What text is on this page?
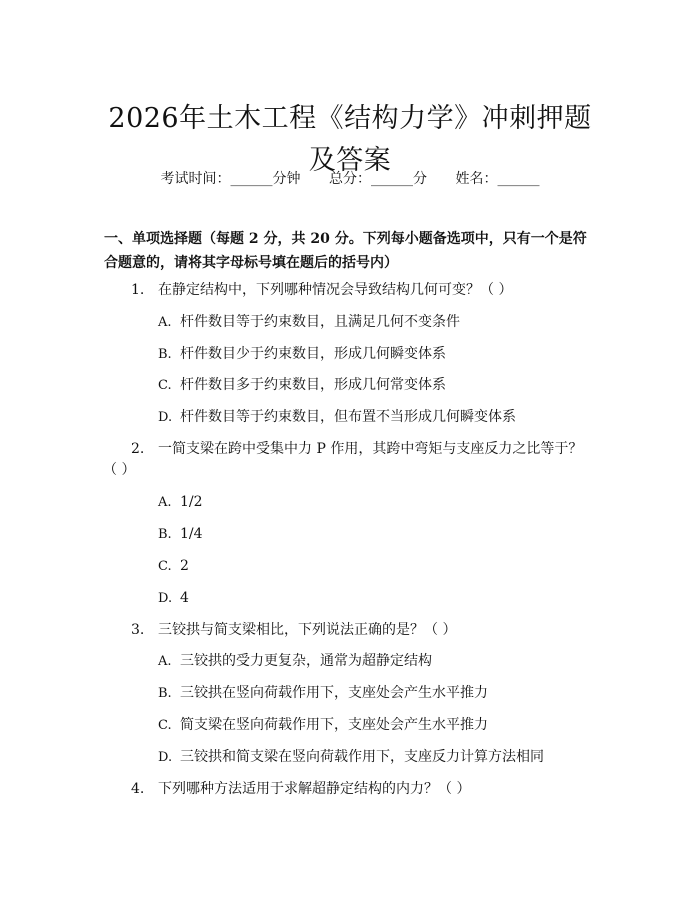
2026年土木工程《结构力学》冲刺押题及答案
考试时间：______分钟 总分：______分 姓名：______
一、单项选择题（每题 2 分，共 20 分。下列每小题备选项中，只有一个是符合题意的，请将其字母标号填在题后的括号内）
1. 在静定结构中，下列哪种情况会导致结构几何可变？（ ）
A. 杆件数目等于约束数目，且满足几何不变条件
B. 杆件数目少于约束数目，形成几何瞬变体系
C. 杆件数目多于约束数目，形成几何常变体系
D. 杆件数目等于约束数目，但布置不当形成几何瞬变体系
2. 一简支梁在跨中受集中力 P 作用，其跨中弯矩与支座反力之比等于？
（ ）
A. 1/2
B. 1/4
C. 2
D. 4
3. 三铰拱与简支梁相比，下列说法正确的是？（ ）
A. 三铰拱的受力更复杂，通常为超静定结构
B. 三铰拱在竖向荷载作用下，支座处会产生水平推力
C. 简支梁在竖向荷载作用下，支座处会产生水平推力
D. 三铰拱和简支梁在竖向荷载作用下，支座反力计算方法相同
4. 下列哪种方法适用于求解超静定结构的内力？（ ）
